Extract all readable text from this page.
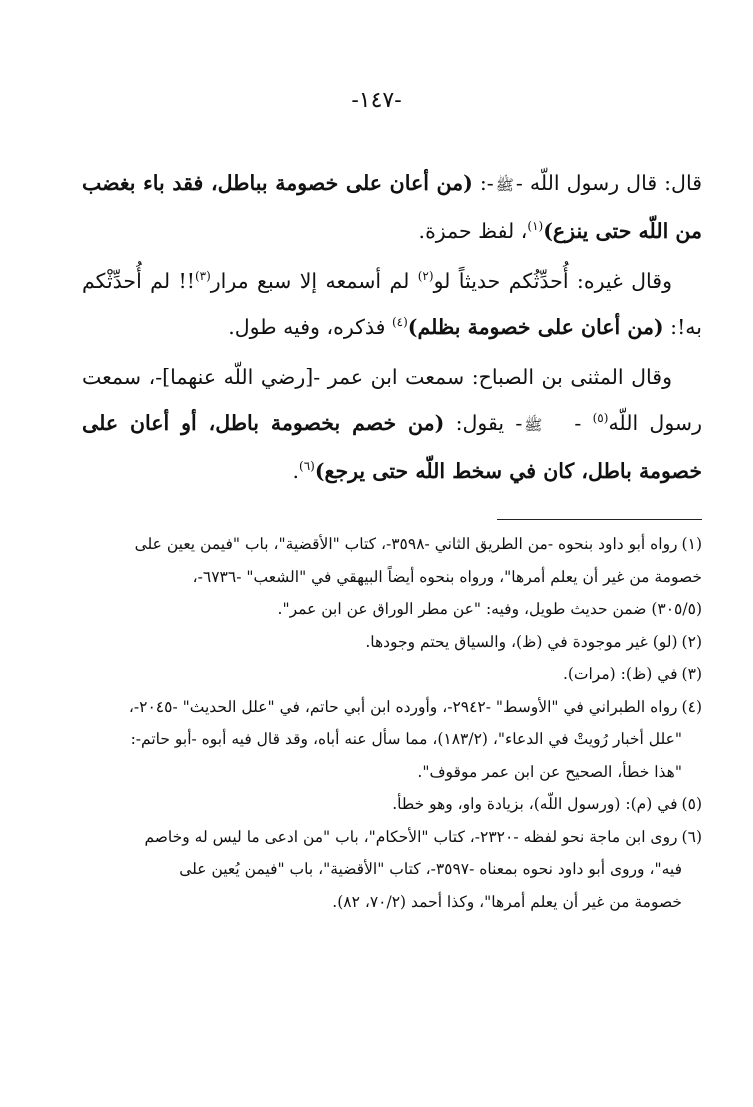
-١٤٧-

قال: قال رسول اللّه -ﷺ-: (من أعان على خصومة بباطل، فقد باء بغضب من اللّه حتى ينزع)$^{(١)}$، لفظ حمزة.

وقال غيره: أُحدِّثُكم حديثاً لو$^{(٢)}$ لم أسمعه إلا سبع مرار$^{(٣)}$!! لم أُحدِّثْكم به!: (من أعان على خصومة بظلم)$^{(٤)}$ فذكره، وفيه طول.

وقال المثنى بن الصباح: سمعت ابن عمر -[رضي اللّه عنهما]-، سمعت رسول اللّه$^{(٥)}$ -ﷺ- يقول: (من خصم بخصومة باطل، أو أعان على خصومة باطل، كان في سخط اللّه حتى يرجع)$^{(٦)}$.

(١)رواه أبو داود بنحوه -من الطريق الثاني -٣٥٩٨-، كتاب "الأقضية"، باب "فيمن يعين على
خصومة من غير أن يعلم أمرها"، ورواه بنحوه أيضاً البيهقي في "الشعب" -٦٧٣٦-،
(٣٠٥/٥) ضمن حديث طويل، وفيه: "عن مطر الوراق عن ابن عمر".
(٢)(لو) غير موجودة في (ظ)، والسياق يحتم وجودها.
(٣)في (ظ): (مرات).
(٤)رواه الطبراني في "الأوسط" -٢٩٤٢-، وأورده ابن أبي حاتم، في "علل الحديث" -٢٠٤٥-،
"علل أخبار رُويتْ في الدعاء"، (١٨٣/٢)، مما سأل عنه أباه، وقد قال فيه أبوه -أبو حاتم-:
"هذا خطأ، الصحيح عن ابن عمر موقوف".
(٥)في (م): (ورسول اللّه)، بزيادة واو، وهو خطأ.
(٦)روى ابن ماجة نحو لفظه -٢٣٢٠-، كتاب "الأحكام"، باب "من ادعى ما ليس له وخاصم
فيه"، وروى أبو داود نحوه بمعناه -٣٥٩٧-، كتاب "الأقضية"، باب "فيمن يُعين على
خصومة من غير أن يعلم أمرها"، وكذا أحمد (٧٠/٢، ٨٢).
